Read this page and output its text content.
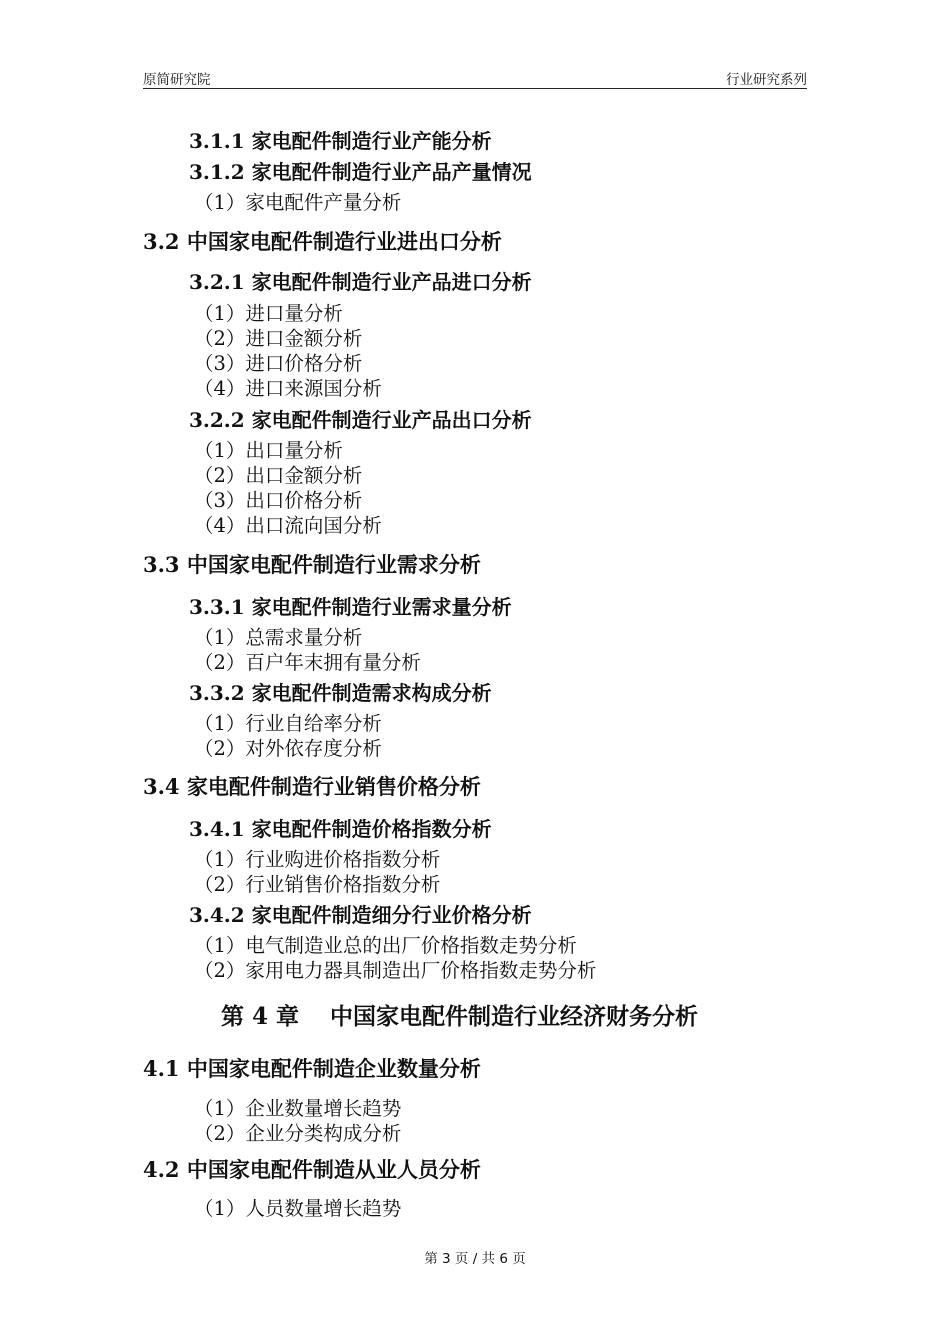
原简研究院	行业研究系列
3.1.1 家电配件制造行业产能分析
3.1.2 家电配件制造行业产品产量情况
（1）家电配件产量分析
3.2 中国家电配件制造行业进出口分析
3.2.1 家电配件制造行业产品进口分析
（1）进口量分析
（2）进口金额分析
（3）进口价格分析
（4）进口来源国分析
3.2.2 家电配件制造行业产品出口分析
（1）出口量分析
（2）出口金额分析
（3）出口价格分析
（4）出口流向国分析
3.3 中国家电配件制造行业需求分析
3.3.1 家电配件制造行业需求量分析
（1）总需求量分析
（2）百户年末拥有量分析
3.3.2 家电配件制造需求构成分析
（1）行业自给率分析
（2）对外依存度分析
3.4 家电配件制造行业销售价格分析
3.4.1 家电配件制造价格指数分析
（1）行业购进价格指数分析
（2）行业销售价格指数分析
3.4.2 家电配件制造细分行业价格分析
（1）电气制造业总的出厂价格指数走势分析
（2）家用电力器具制造出厂价格指数走势分析
第 4 章　 中国家电配件制造行业经济财务分析
4.1 中国家电配件制造企业数量分析
（1）企业数量增长趋势
（2）企业分类构成分析
4.2 中国家电配件制造从业人员分析
（1）人员数量增长趋势
第 3 页 / 共 6 页
